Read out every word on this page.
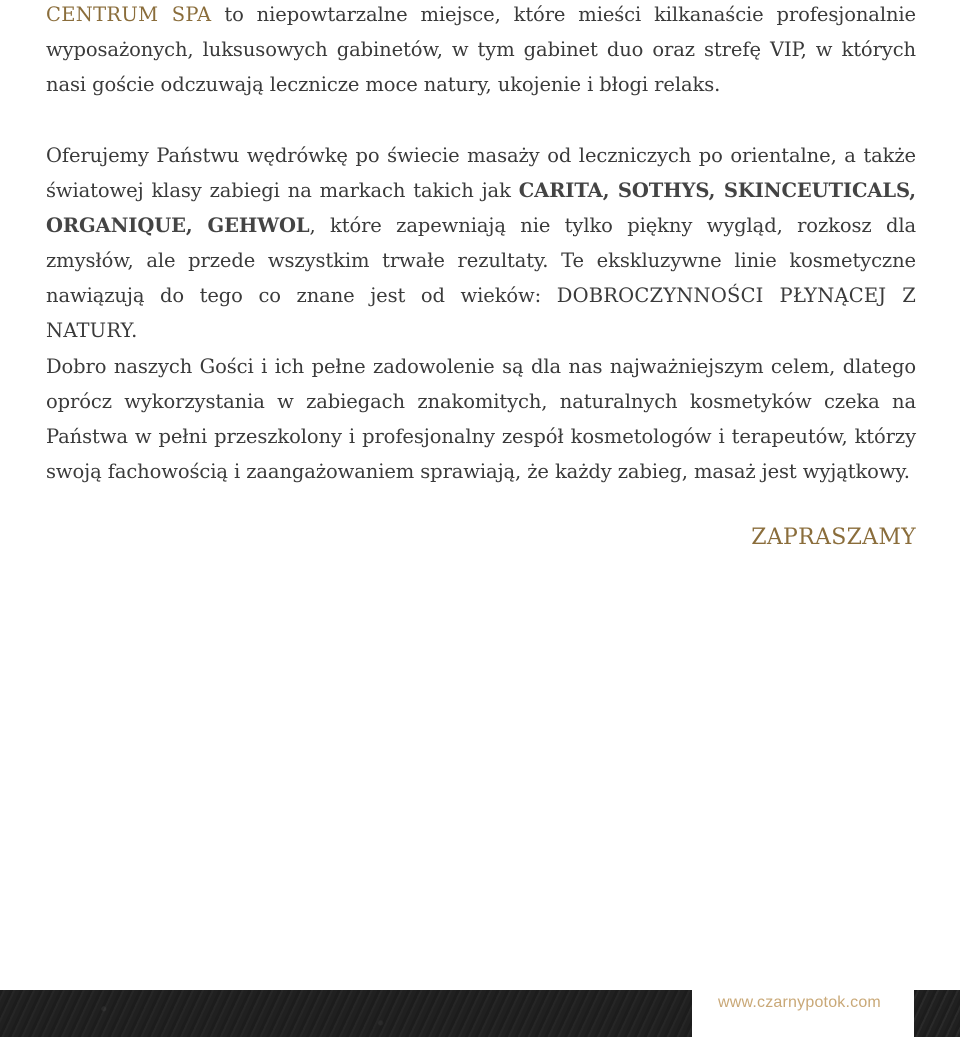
CENTRUM SPA to niepowtarzalne miejsce, które mieści kilkanaście profesjonalnie wyposażonych, luksusowych gabinetów, w tym gabinet duo oraz strefę VIP, w których nasi goście odczuwają lecznicze moce natury, ukojenie i błogi relaks.

Oferujemy Państwu wędrówkę po świecie masaży od leczniczych po orientalne, a także światowej klasy zabiegi na markach takich jak CARITA, SOTHYS, SKINCEUTICALS, ORGANIQUE, GEHWOL, które zapewniają nie tylko piękny wygląd, rozkosz dla zmysłów, ale przede wszystkim trwałe rezultaty. Te ekskluzywne linie kosmetyczne nawiązują do tego co znane jest od wieków: DOBROCZYNNOŚCI PŁYNĄCEJ Z NATURY.

Dobro naszych Gości i ich pełne zadowolenie są dla nas najważniejszym celem, dlatego oprócz wykorzystania w zabiegach znakomitych, naturalnych kosmetyków czeka na Państwa w pełni przeszkolony i profesjonalny zespół kosmetologów i terapeutów, którzy swoją fachowością i zaangażowaniem sprawiają, że każdy zabieg, masaż jest wyjątkowy.

ZAPRASZAMY
www.czarnypotok.com
